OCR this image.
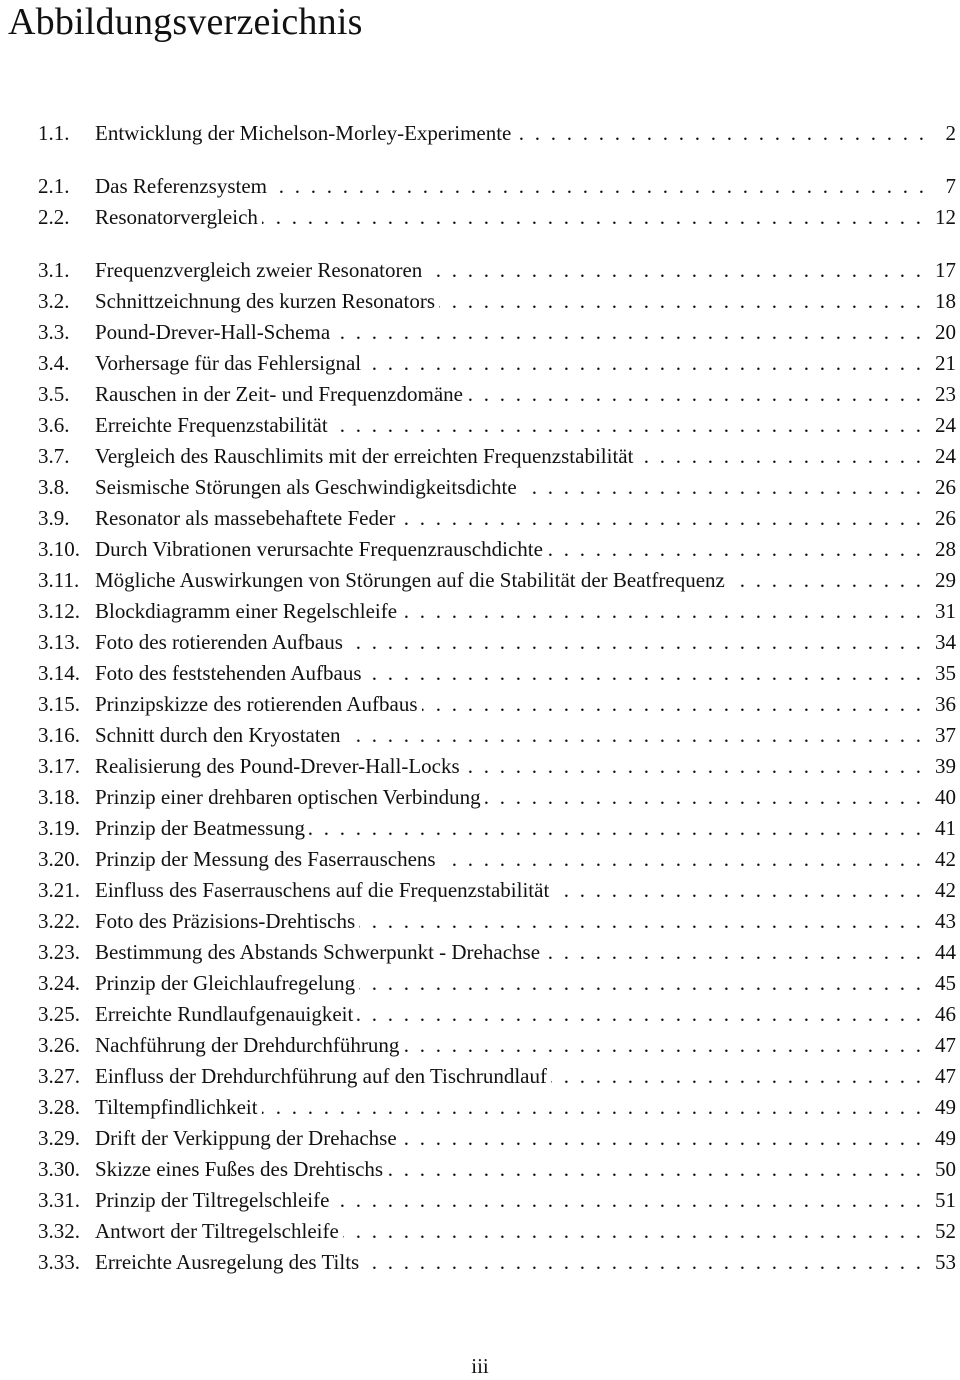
Abbildungsverzeichnis
1.1.	Entwicklung der Michelson-Morley-Experimente . . .	2
2.1.	Das Referenzsystem . . .	7
2.2.	Resonatorvergleich . . .	12
3.1.	Frequenzvergleich zweier Resonatoren . . .	17
3.2.	Schnittzeichnung des kurzen Resonators . . .	18
3.3.	Pound-Drever-Hall-Schema . . .	20
3.4.	Vorhersage für das Fehlersignal . . .	21
3.5.	Rauschen in der Zeit- und Frequenzdomäne . . .	23
3.6.	Erreichte Frequenzstabilität . . .	24
3.7.	Vergleich des Rauschlimits mit der erreichten Frequenzstabilität . . .	24
3.8.	Seismische Störungen als Geschwindigkeitsdichte . . .	26
3.9.	Resonator als massebehaftete Feder . . .	26
3.10. Durch Vibrationen verursachte Frequenzrauschdichte . . .	28
3.11. Mögliche Auswirkungen von Störungen auf die Stabilität der Beatfrequenz . . .	29
3.12. Blockdiagramm einer Regelschleife . . .	31
3.13. Foto des rotierenden Aufbaus . . .	34
3.14. Foto des feststehenden Aufbaus . . .	35
3.15. Prinzipskizze des rotierenden Aufbaus . . .	36
3.16. Schnitt durch den Kryostaten . . .	37
3.17. Realisierung des Pound-Drever-Hall-Locks . . .	39
3.18. Prinzip einer drehbaren optischen Verbindung . . .	40
3.19. Prinzip der Beatmessung . . .	41
3.20. Prinzip der Messung des Faserrauschens . . .	42
3.21. Einfluss des Faserrauschens auf die Frequenzstabilität . . .	42
3.22. Foto des Präzisions-Drehtischs . . .	43
3.23. Bestimmung des Abstands Schwerpunkt - Drehachse . . .	44
3.24. Prinzip der Gleichlaufregelung . . .	45
3.25. Erreichte Rundlaufgenauigkeit . . .	46
3.26. Nachführung der Drehdurchführung . . .	47
3.27. Einfluss der Drehdurchführung auf den Tischrundlauf . . .	47
3.28. Tiltempfindlichkeit . . .	49
3.29. Drift der Verkippung der Drehachse . . .	49
3.30. Skizze eines Fußes des Drehtischs . . .	50
3.31. Prinzip der Tiltregelschleife . . .	51
3.32. Antwort der Tiltregelschleife . . .	52
3.33. Erreichte Ausregelung des Tilts . . .	53
iii
